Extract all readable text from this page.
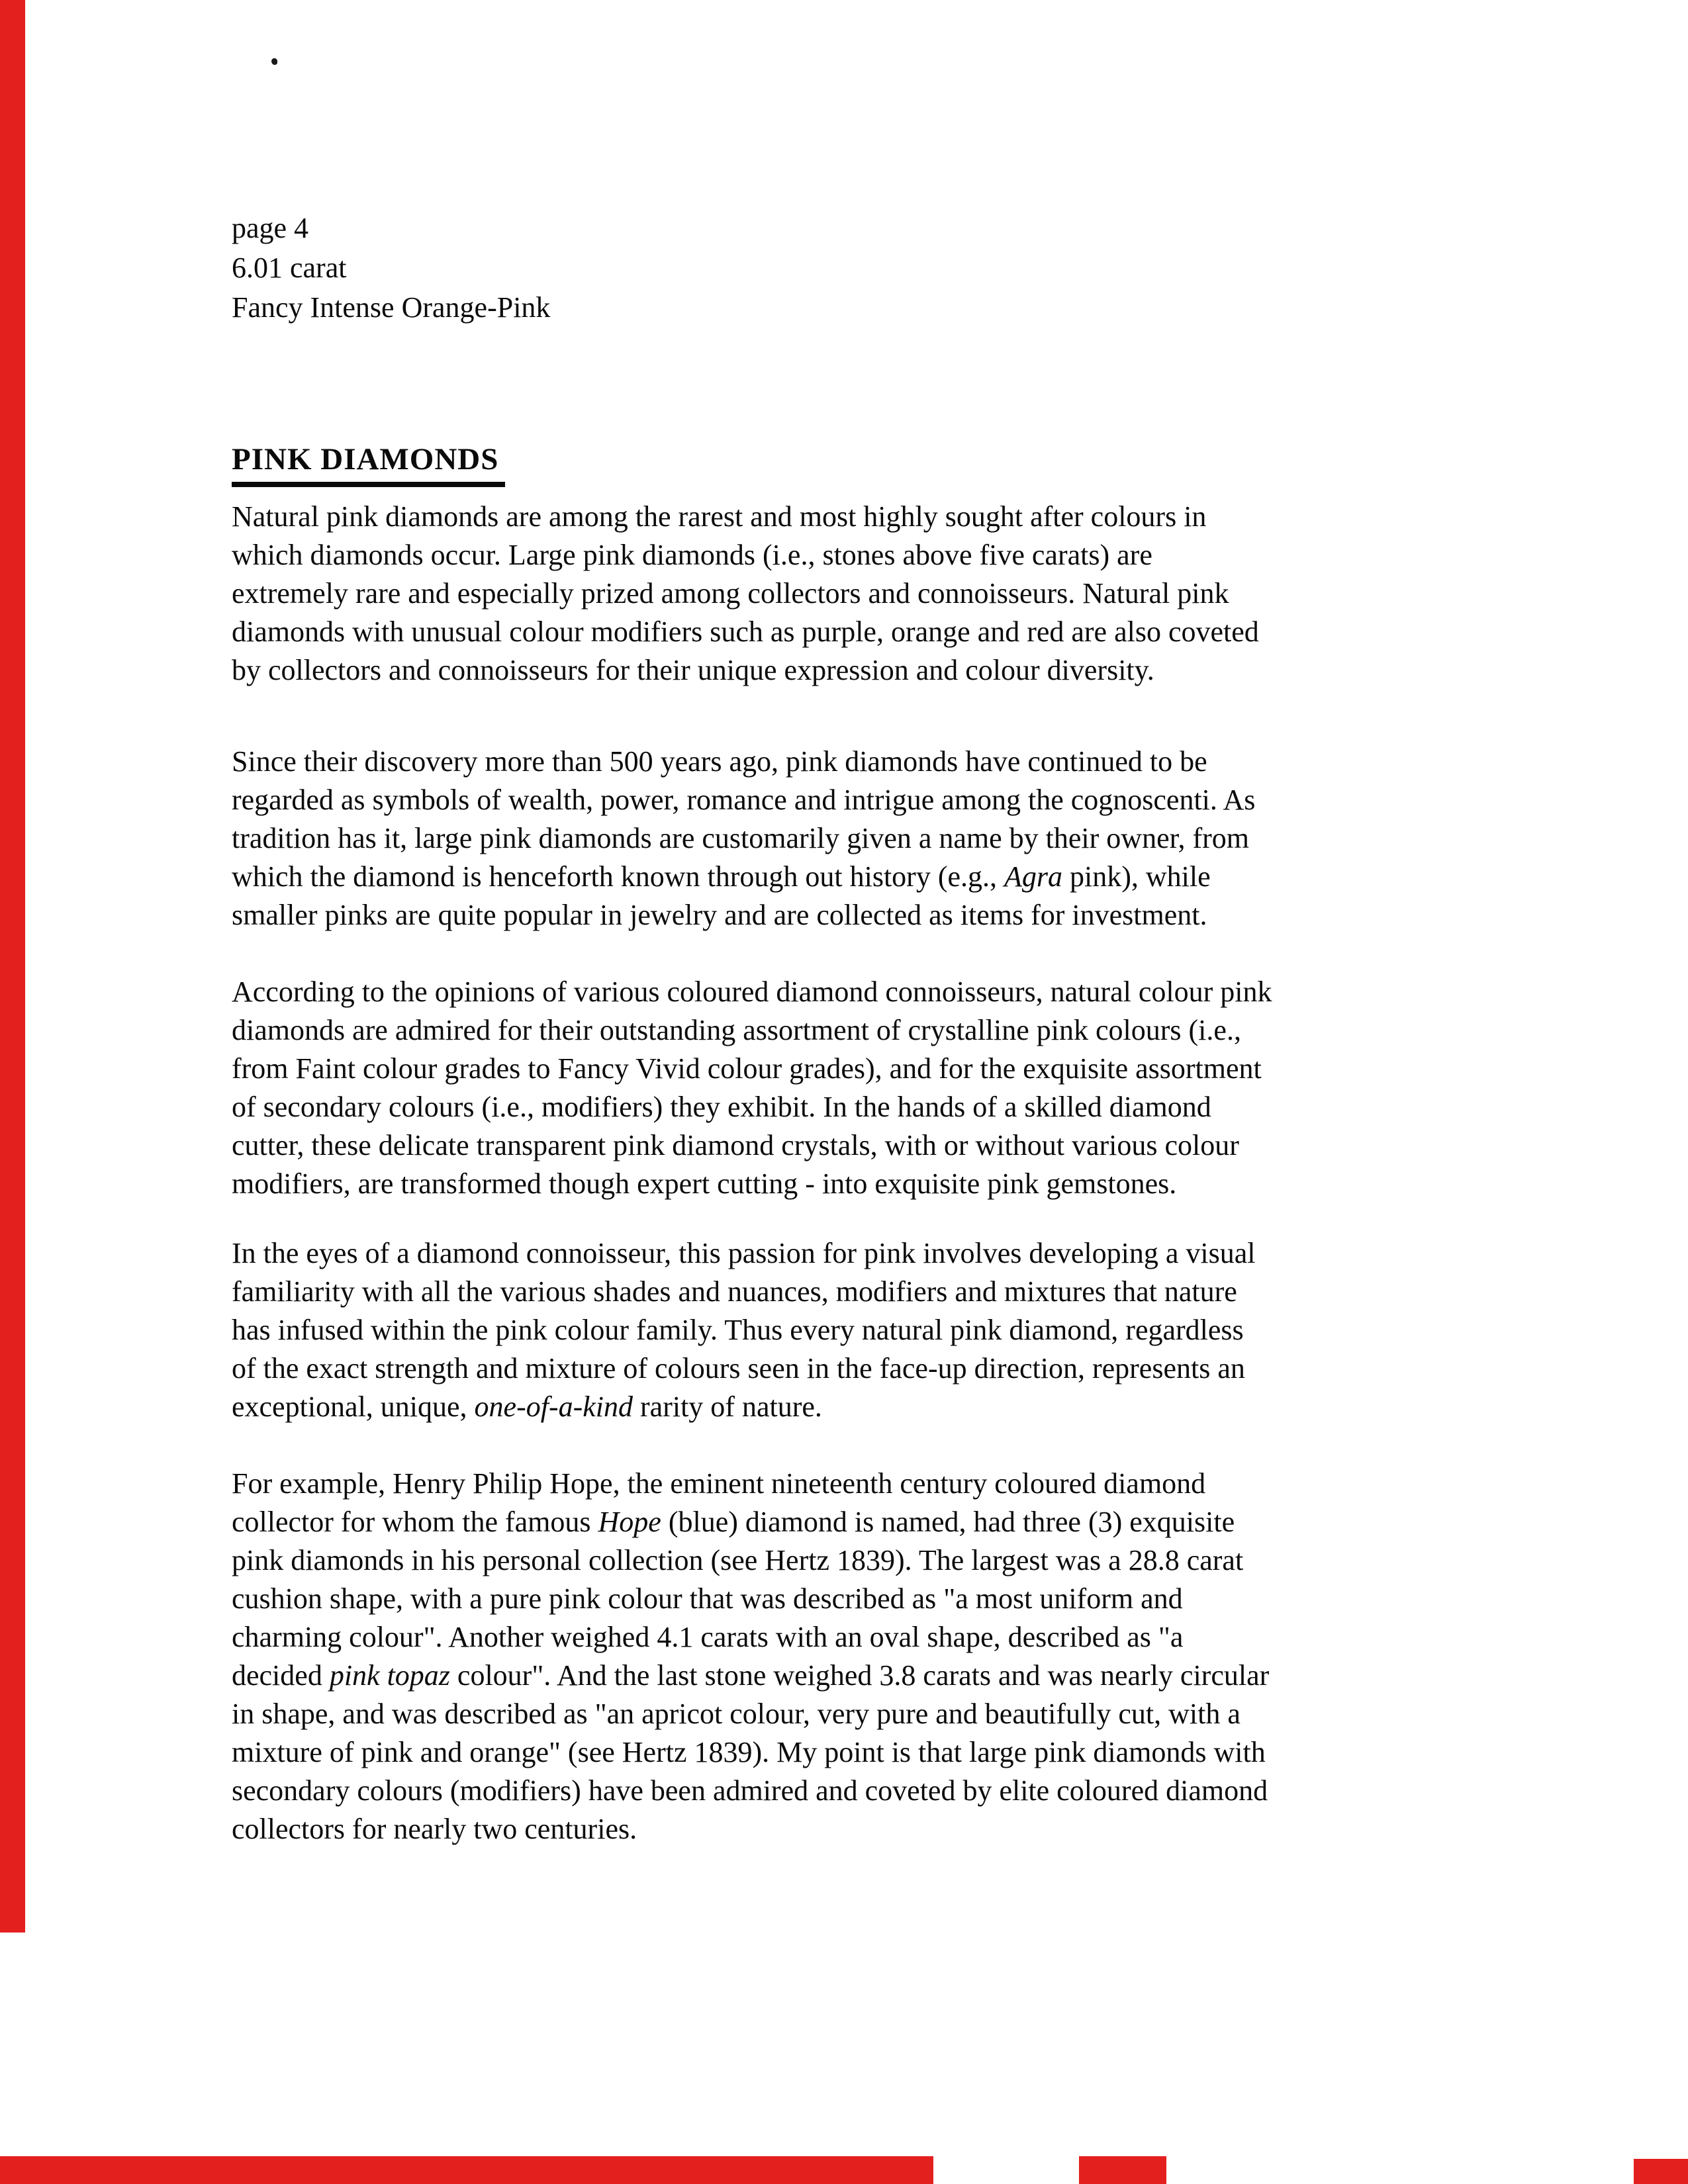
page 4
6.01 carat
Fancy Intense Orange-Pink
PINK DIAMONDS

Natural pink diamonds are among the rarest and most highly sought after colours in
which diamonds occur. Large pink diamonds (i.e., stones above five carats) are
extremely rare and especially prized among collectors and connoisseurs. Natural pink
diamonds with unusual colour modifiers such as purple, orange and red are also coveted
by collectors and connoisseurs for their unique expression and colour diversity.

Since their discovery more than 500 years ago, pink diamonds have continued to be
regarded as symbols of wealth, power, romance and intrigue among the cognoscenti. As
tradition has it, large pink diamonds are customarily given a name by their owner, from
which the diamond is henceforth known through out history (e.g., Agra pink), while
smaller pinks are quite popular in jewelry and are collected as items for investment.

According to the opinions of various coloured diamond connoisseurs, natural colour pink
diamonds are admired for their outstanding assortment of crystalline pink colours (i.e.,
from Faint colour grades to Fancy Vivid colour grades), and for the exquisite assortment
of secondary colours (i.e., modifiers) they exhibit. In the hands of a skilled diamond
cutter, these delicate transparent pink diamond crystals, with or without various colour
modifiers, are transformed though expert cutting - into exquisite pink gemstones.

In the eyes of a diamond connoisseur, this passion for pink involves developing a visual
familiarity with all the various shades and nuances, modifiers and mixtures that nature
has infused within the pink colour family. Thus every natural pink diamond, regardless
of the exact strength and mixture of colours seen in the face-up direction, represents an
exceptional, unique, one-of-a-kind rarity of nature.

For example, Henry Philip Hope, the eminent nineteenth century coloured diamond
collector for whom the famous Hope (blue) diamond is named, had three (3) exquisite
pink diamonds in his personal collection (see Hertz 1839). The largest was a 28.8 carat
cushion shape, with a pure pink colour that was described as "a most uniform and
charming colour". Another weighed 4.1 carats with an oval shape, described as "a
decided pink topaz colour". And the last stone weighed 3.8 carats and was nearly circular
in shape, and was described as "an apricot colour, very pure and beautifully cut, with a
mixture of pink and orange" (see Hertz 1839). My point is that large pink diamonds with
secondary colours (modifiers) have been admired and coveted by elite coloured diamond
collectors for nearly two centuries.
